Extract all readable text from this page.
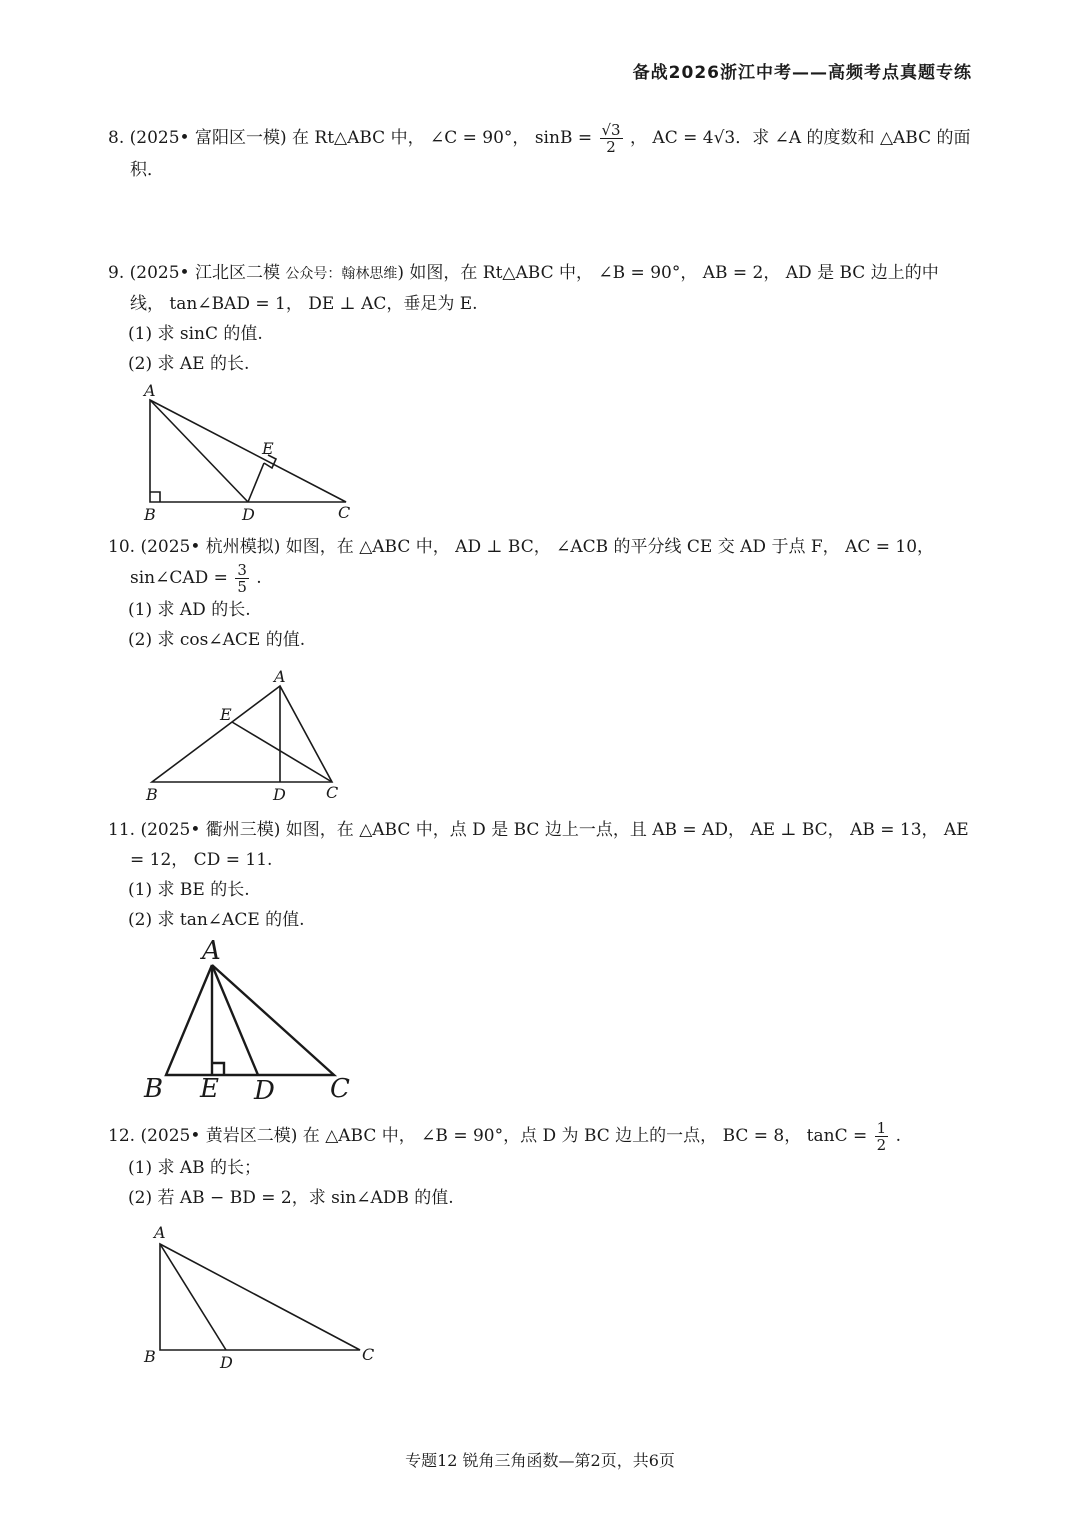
备战2026浙江中考——高频考点真题专练

8. (2025• 富阳区一模) 在 Rt△ABC 中， ∠C = 90°， $\sin B = \frac{√3}{2}$ ， AC = 4√3．求 ∠A 的度数和 △ABC 的面

积．

9. (2025• 江北区二模 公众号：翰林思维) 如图，在 Rt△ABC 中， ∠B = 90°， AB = 2， AD 是 BC 边上的中

线， tan∠BAD = 1， DE ⊥ AC，垂足为 E.

(1) 求 sinC 的值.

(2) 求 AE 的长.

A
B	C
D
E

10. (2025• 杭州模拟) 如图，在 △ABC 中， AD ⊥ BC， ∠ACB 的平分线 CE 交 AD 于点 F， AC = 10，

sin∠CAD = $\frac{3}{5}$ .

(1) 求 AD 的长.

(2) 求 cos∠ACE 的值.

A
B	C
D
E

11. (2025• 衢州三模) 如图，在 △ABC 中，点 D 是 BC 边上一点，且 AB = AD， AE ⊥ BC， AB = 13， AE

= 12， CD = 11.

(1) 求 BE 的长.

(2) 求 tan∠ACE 的值.

A
B E D C

12. (2025• 黄岩区二模) 在 △ABC 中， ∠B = 90°，点 D 为 BC 边上的一点， BC = 8， $\tan C = \frac{1}{2}$ .

(1) 求 AB 的长；

(2) 若 AB − BD = 2，求 sin∠ADB 的值.

A
B	D	C
专题12 锐角三角函数—第2页，共6页
